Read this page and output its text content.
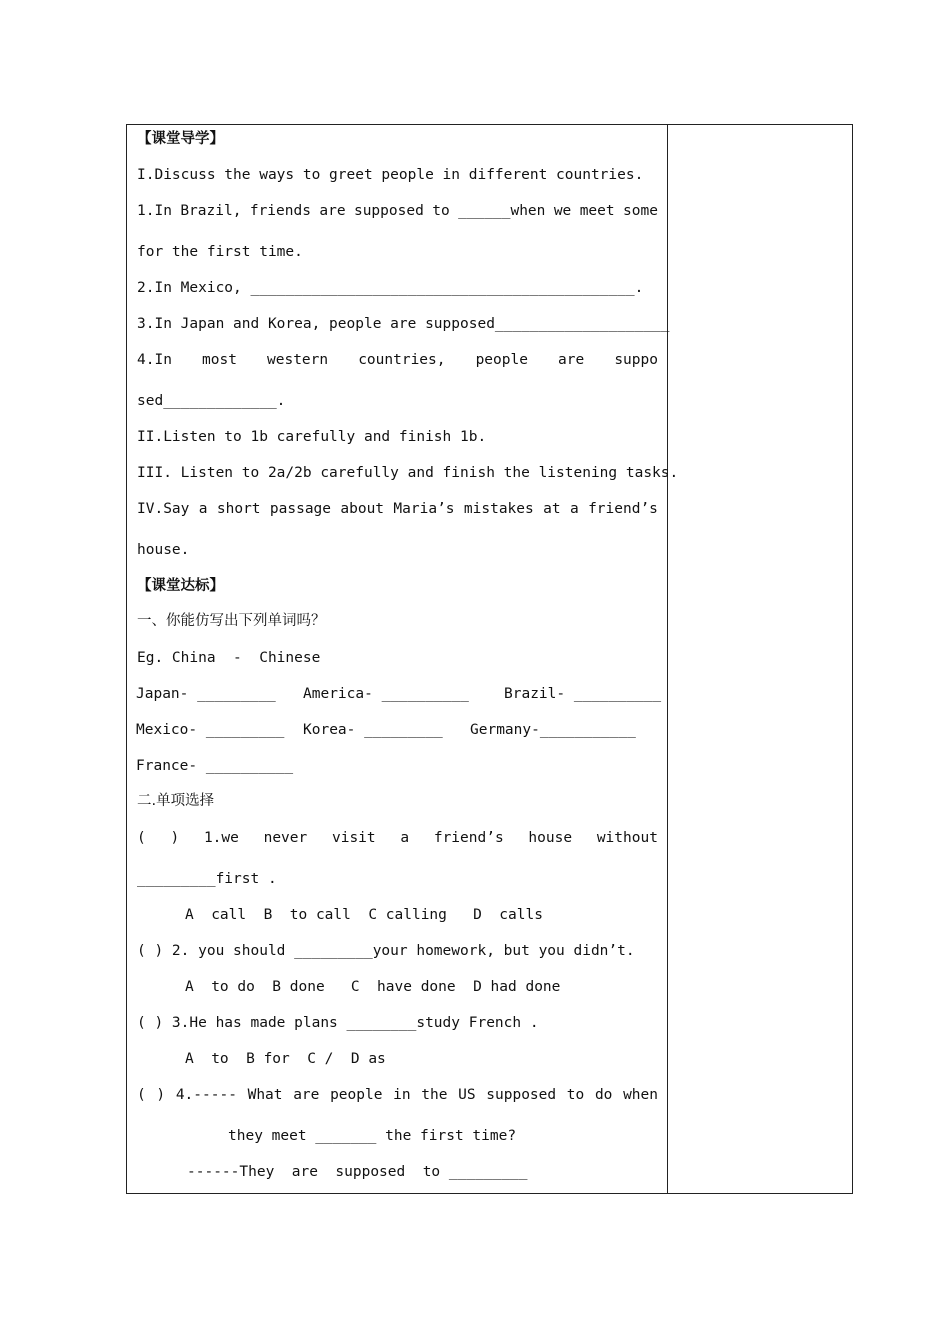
【课堂导学】
I.Discuss the ways to greet people in different countries.
1.In Brazil, friends are supposed to ______when we meet some
for the first time.
2.In Mexico, ____________________________________________.
3.In Japan and Korea, people are supposed____________________
4.In most western countries, people are suppo
sed_____________.
II.Listen to 1b carefully and finish 1b.
III. Listen to 2a/2b carefully and finish the listening tasks.
IV.Say a short passage about Maria’s mistakes at a friend’s
house.
【课堂达标】
一、你能仿写出下列单词吗？
Eg. China  -  Chinese
Japan- _________ America- __________ Brazil- __________
Mexico- _________ Korea- _________ Germany-___________
France- __________
二.单项选择
( ) 1.we never visit a friend’s house without
_________first .
A  call  B  to call  C calling   D  calls
( ) 2. you should _________your homework, but you didn’t.
A  to do  B done   C  have done  D had done
( ) 3.He has made plans ________study French .
A  to  B for  C /  D as
( ) 4.----- What are people in the US supposed to do when
they meet _______ the first time?
------They  are  supposed  to _________
